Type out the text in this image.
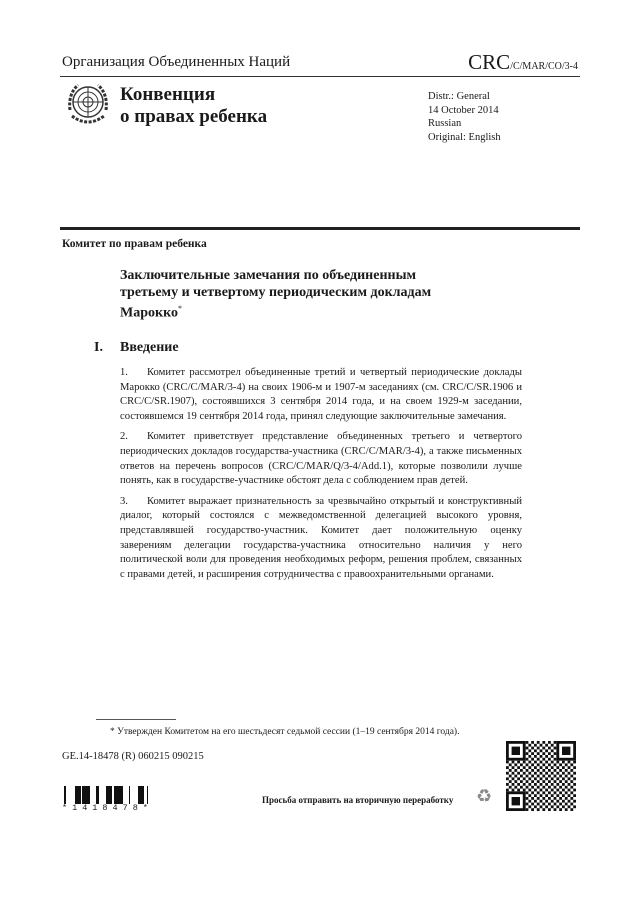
Организация Объединенных Наций	CRC/C/MAR/CO/3-4
Конвенция
о правах ребенка
Distr.: General
14 October 2014
Russian
Original: English
Комитет по правам ребенка
Заключительные замечания по объединенным третьему и четвертому периодическим докладам Марокко*
I. Введение

1. Комитет рассмотрел объединенные третий и четвертый периодические доклады Марокко (CRC/C/MAR/3-4) на своих 1906-м и 1907-м заседаниях (см. CRC/C/SR.1906 и CRC/C/SR.1907), состоявшихся 3 сентября 2014 года, и на своем 1929-м заседании, состоявшемся 19 сентября 2014 года, принял следующие заключительные замечания.

2. Комитет приветствует представление объединенных третьего и четвертого периодических докладов государства-участника (CRC/C/MAR/3-4), а также письменных ответов на перечень вопросов (CRC/C/MAR/Q/3-4/Add.1), которые позволили лучше понять, как в государстве-участнике обстоят дела с соблюдением прав детей.

3. Комитет выражает признательность за чрезвычайно открытый и конструктивный диалог, который состоялся с межведомственной делегацией высокого уровня, представлявшей государство-участник. Комитет дает положительную оценку заверениям делегации государства-участника относительно наличия у него политической воли для проведения необходимых реформ, решения проблем, связанных с правами детей, и расширения сотрудничества с правоохранительными органами.

* Утвержден Комитетом на его шестьдесят седьмой сессии (1–19 сентября 2014 года).
GE.14-18478 (R) 060215 090215
*1418478*
Просьба отправить на вторичную переработку ♻
